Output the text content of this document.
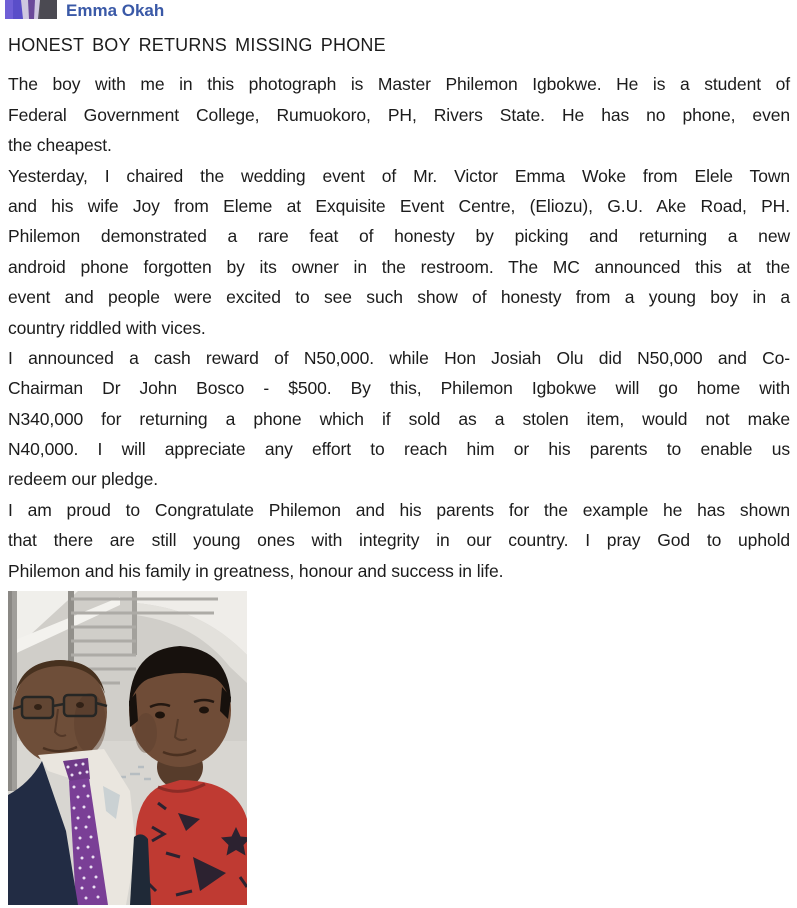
Emma Okah
HONEST BOY RETURNS MISSING PHONE
The boy with me in this photograph is Master Philemon Igbokwe. He is a student of
Federal Government College, Rumuokoro, PH, Rivers State. He has no phone, even
the cheapest.
Yesterday, I chaired the wedding event of Mr. Victor Emma Woke from Elele Town
and his wife Joy from Eleme at Exquisite Event Centre, (Eliozu), G.U. Ake Road, PH.
Philemon demonstrated a rare feat of honesty by picking and returning a new
android phone forgotten by its owner in the restroom. The MC announced this at the
event and people were excited to see such show of honesty from a young boy in a
country riddled with vices.
I announced a cash reward of N50,000. while Hon Josiah Olu did N50,000 and Co-
Chairman Dr John Bosco - $500. By this, Philemon Igbokwe will go home with
N340,000 for returning a phone which if sold as a stolen item, would not make
N40,000. I will appreciate any effort to reach him or his parents to enable us
redeem our pledge.
I am proud to Congratulate Philemon and his parents for the example he has shown
that there are still young ones with integrity in our country. I pray God to uphold
Philemon and his family in greatness, honour and success in life.
